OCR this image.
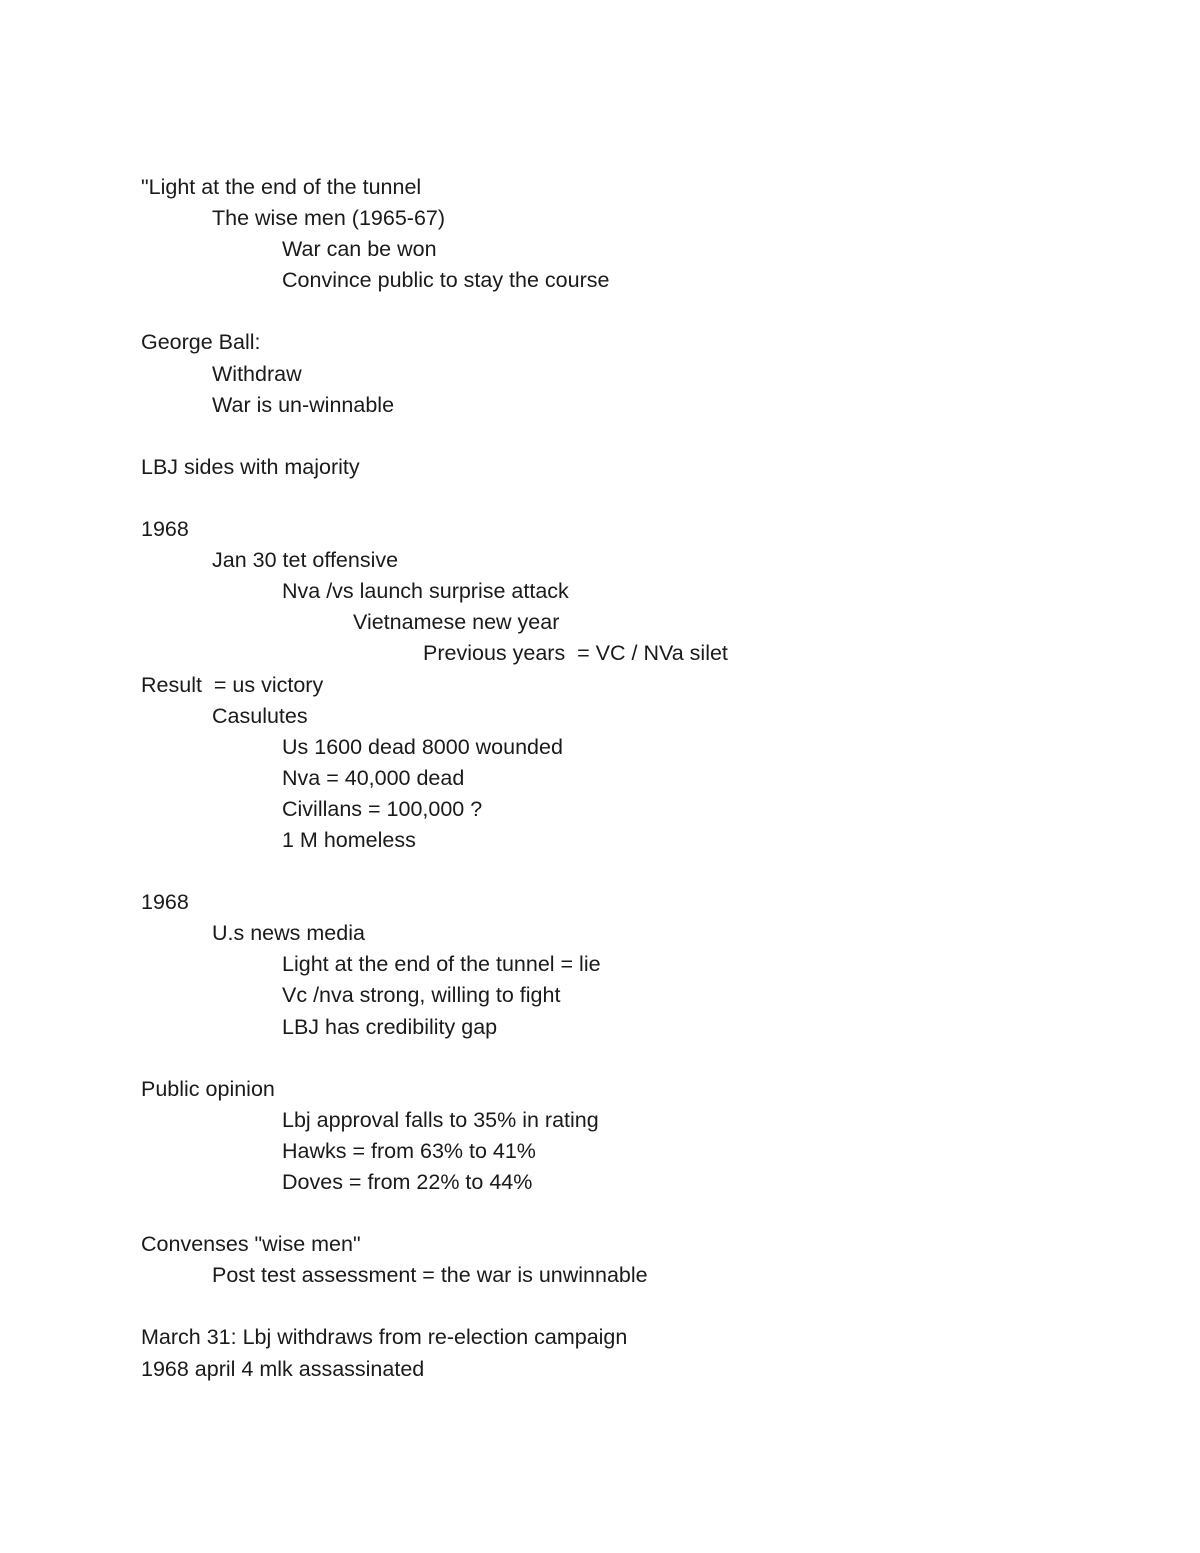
"Light at the end of the tunnel
The wise men (1965-67)
War can be won
Convince public to stay the course
George Ball:
Withdraw
War is un-winnable
LBJ sides with majority
1968
Jan 30 tet offensive
Nva /vs launch surprise attack
Vietnamese new year
Previous years  = VC / NVa silet
Result  = us victory
Casulutes
Us 1600 dead 8000 wounded
Nva = 40,000 dead
Civillans = 100,000 ?
1 M homeless
1968
U.s news media
Light at the end of the tunnel = lie
Vc /nva strong, willing to fight
LBJ has credibility gap
Public opinion
Lbj approval falls to 35% in rating
Hawks = from 63% to 41%
Doves = from 22% to 44%
Convenses "wise men"
Post test assessment = the war is unwinnable
March 31: Lbj withdraws from re-election campaign
1968 april 4 mlk assassinated
